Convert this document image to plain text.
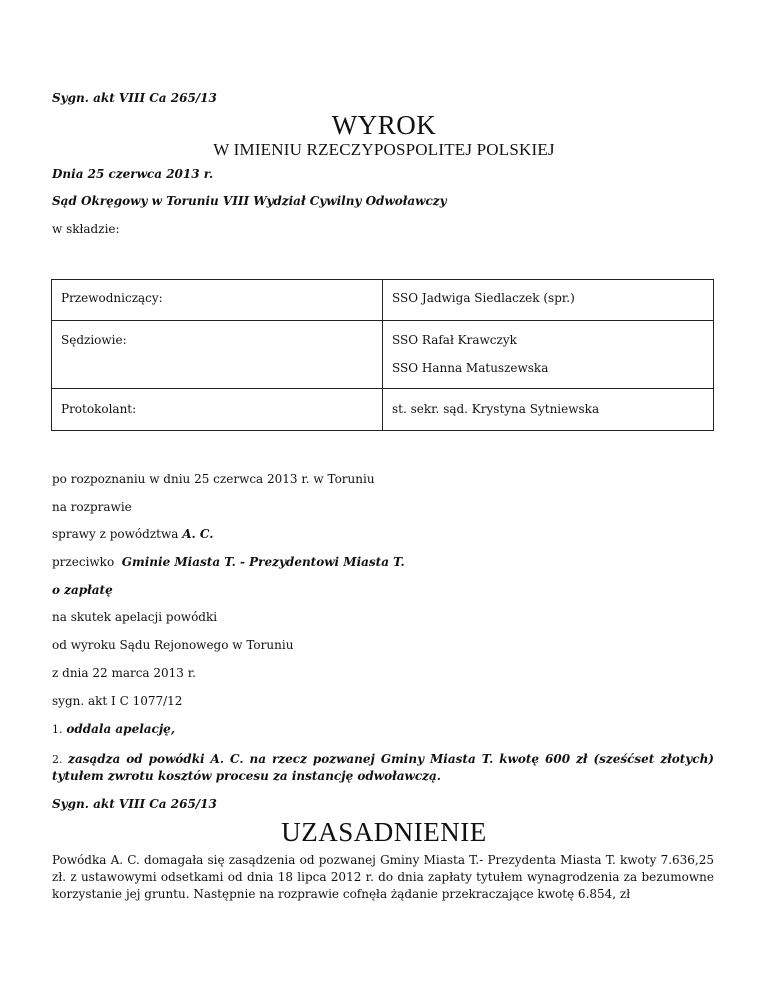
Sygn. akt VIII Ca 265/13
WYROK
W IMIENIU RZECZYPOSPOLITEJ POLSKIEJ
Dnia 25 czerwca 2013 r.
Sąd Okręgowy w Toruniu VIII Wydział Cywilny Odwoławczy
w składzie:
Przewodniczący:	SSO Jadwiga Siedlaczek (spr.)
Sędziowie:	SSO Rafał Krawczyk
SSO Hanna Matuszewska
Protokolant:	st. sekr. sąd. Krystyna Sytniewska
po rozpoznaniu w dniu 25 czerwca 2013 r. w Toruniu
na rozprawie
sprawy z powództwa A. C.
przeciwko  Gminie Miasta T. - Prezydentowi Miasta T.
o zapłatę
na skutek apelacji powódki
od wyroku Sądu Rejonowego w Toruniu
z dnia 22 marca 2013 r.
sygn. akt I C 1077/12
1. oddala apelację,
2. zasądza od powódki A. C. na rzecz pozwanej Gminy Miasta T. kwotę 600 zł (sześćset złotych) tytułem zwrotu kosztów procesu za instancję odwoławczą.
Sygn. akt VIII Ca 265/13
UZASADNIENIE
Powódka A. C. domagała się zasądzenia od pozwanej Gminy Miasta T.- Prezydenta Miasta T. kwoty 7.636,25 zł. z ustawowymi odsetkami od dnia 18 lipca 2012 r. do dnia zapłaty tytułem wynagrodzenia za bezumowne korzystanie jej gruntu. Następnie na rozprawie cofnęła żądanie przekraczające kwotę 6.854, zł
